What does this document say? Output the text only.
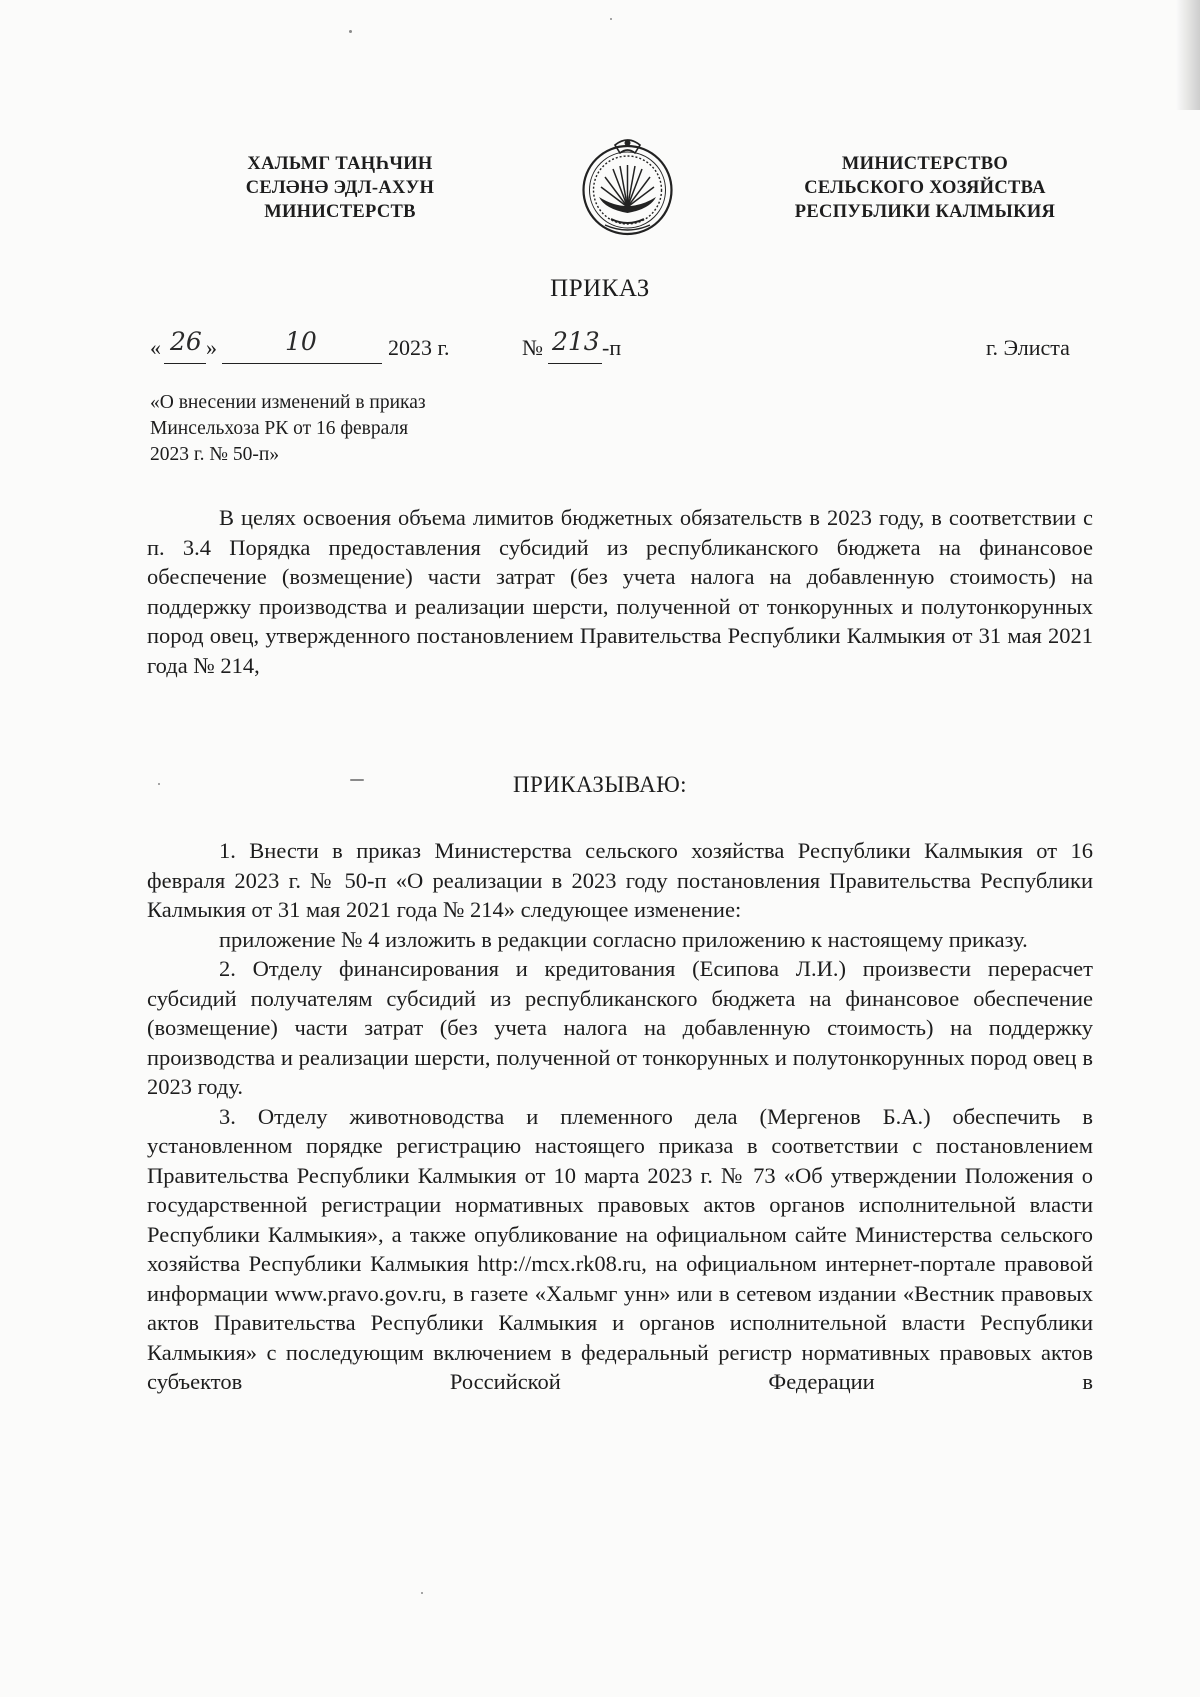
ХАЛЬМГ ТАҢҺЧИН
СЕЛӘНӘ ЭДЛ-АХУН
МИНИСТЕРСТВ
МИНИСТЕРСТВО
СЕЛЬСКОГО ХОЗЯЙСТВА
РЕСПУБЛИКИ КАЛМЫКИЯ
ПРИКАЗ
« 26 »	10	2023 г.	№ 213 -п	г. Элиста
«О внесении изменений в приказ
Минсельхоза РК от 16 февраля
2023 г. № 50-п»

В целях освоения объема лимитов бюджетных обязательств в 2023 году, в соответствии с п. 3.4 Порядка предоставления субсидий из республиканского бюджета на финансовое обеспечение (возмещение) части затрат (без учета налога на добавленную стоимость) на поддержку производства и реализации шерсти, полученной от тонкорунных и полутонкорунных пород овец, утвержденного постановлением Правительства Республики Калмыкия от 31 мая 2021 года № 214,

ПРИКАЗЫВАЮ:

1. Внести в приказ Министерства сельского хозяйства Республики Калмыкия от 16 февраля 2023 г. № 50-п «О реализации в 2023 году постановления Правительства Республики Калмыкия от 31 мая 2021 года № 214» следующее изменение:

приложение № 4 изложить в редакции согласно приложению к настоящему приказу.

2. Отделу финансирования и кредитования (Есипова Л.И.) произвести перерасчет субсидий получателям субсидий из республиканского бюджета на финансовое обеспечение (возмещение) части затрат (без учета налога на добавленную стоимость) на поддержку производства и реализации шерсти, полученной от тонкорунных и полутонкорунных пород овец в 2023 году.

3. Отделу животноводства и племенного дела (Мергенов Б.А.) обеспечить в установленном порядке регистрацию настоящего приказа в соответствии с постановлением Правительства Республики Калмыкия от 10 марта 2023 г. № 73 «Об утверждении Положения о государственной регистрации нормативных правовых актов органов исполнительной власти Республики Калмыкия», а также опубликование на официальном сайте Министерства сельского хозяйства Республики Калмыкия http://mcx.rk08.ru, на официальном интернет-портале правовой информации www.pravo.gov.ru, в газете «Хальмг унн» или в сетевом издании «Вестник правовых актов Правительства Республики Калмыкия и органов исполнительной власти Республики Калмыкия» с последующим включением в федеральный регистр нормативных правовых актов субъектов Российской Федерации в
